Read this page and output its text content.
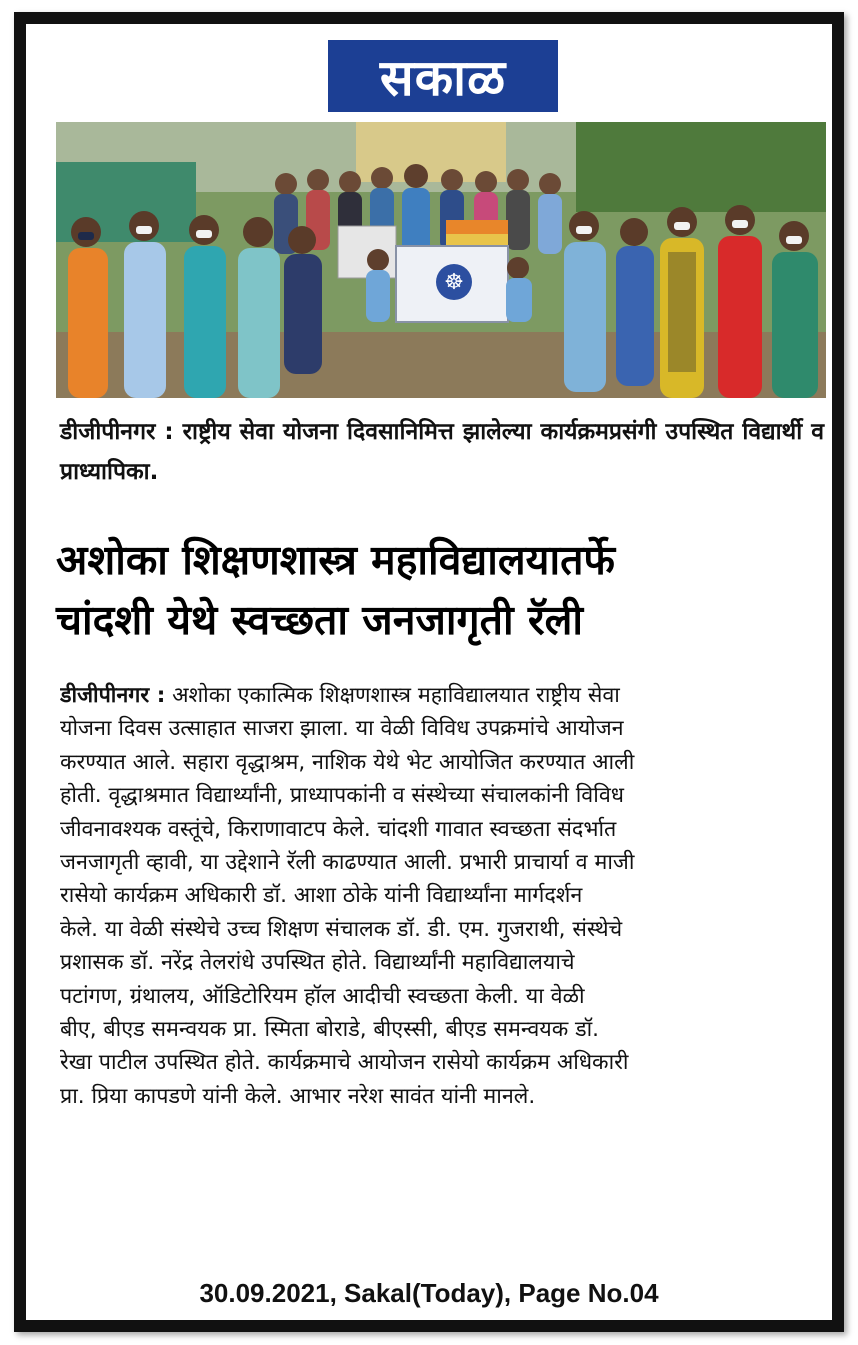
सकाळ
☸
डीजीपीनगर : राष्ट्रीय सेवा योजना दिवसानिमित्त झालेल्या कार्यक्रमप्रसंगी उपस्थित विद्यार्थी व प्राध्यापिका.
अशोका शिक्षणशास्त्र महाविद्यालयातर्फे
चांदशी येथे स्वच्छता जनजागृती रॅली
डीजीपीनगर : अशोका एकात्मिक शिक्षणशास्त्र महाविद्यालयात राष्ट्रीय सेवा
योजना दिवस उत्साहात साजरा झाला. या वेळी विविध उपक्रमांचे आयोजन
करण्यात आले. सहारा वृद्धाश्रम, नाशिक येथे भेट आयोजित करण्यात आली
होती. वृद्धाश्रमात विद्यार्थ्यांनी, प्राध्यापकांनी व संस्थेच्या संचालकांनी विविध
जीवनावश्यक वस्तूंचे, किराणावाटप केले. चांदशी गावात स्वच्छता संदर्भात
जनजागृती व्हावी, या उद्देशाने रॅली काढण्यात आली. प्रभारी प्राचार्या व माजी
रासेयो कार्यक्रम अधिकारी डॉ. आशा ठोके यांनी विद्यार्थ्यांना मार्गदर्शन
केले. या वेळी संस्थेचे उच्च शिक्षण संचालक डॉ. डी. एम. गुजराथी, संस्थेचे
प्रशासक डॉ. नरेंद्र तेलरांधे उपस्थित होते. विद्यार्थ्यांनी महाविद्यालयाचे
पटांगण, ग्रंथालय, ऑडिटोरियम हॉल आदीची स्वच्छता केली. या वेळी
बीए, बीएड समन्वयक प्रा. स्मिता बोराडे, बीएस्सी, बीएड समन्वयक डॉ.
रेखा पाटील उपस्थित होते. कार्यक्रमाचे आयोजन रासेयो कार्यक्रम अधिकारी
प्रा. प्रिया कापडणे यांनी केले. आभार नरेश सावंत यांनी मानले.
30.09.2021, Sakal(Today), Page No.04
